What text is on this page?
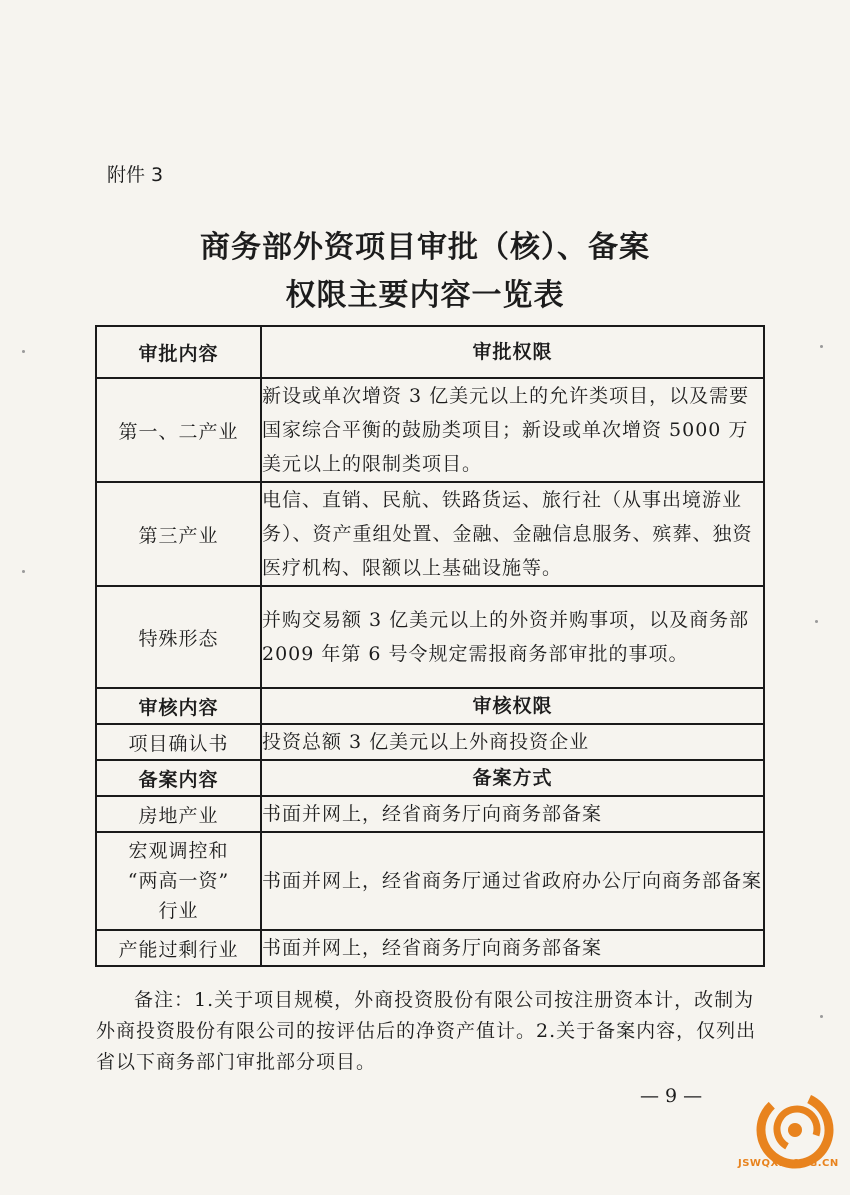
附件 3
商务部外资项目审批（核）、备案
权限主要内容一览表
审批内容	审批权限
第一、二产业	新设或单次增资 3 亿美元以上的允许类项目，以及需要国家综合平衡的鼓励类项目；新设或单次增资 5000 万美元以上的限制类项目。
第三产业	电信、直销、民航、铁路货运、旅行社（从事出境游业务）、资产重组处置、金融、金融信息服务、殡葬、独资医疗机构、限额以上基础设施等。
特殊形态	并购交易额 3 亿美元以上的外资并购事项，以及商务部 2009 年第 6 号令规定需报商务部审批的事项。
审核内容	审核权限
项目确认书	投资总额 3 亿美元以上外商投资企业
备案内容	备案方式
房地产业	书面并网上，经省商务厅向商务部备案

宏观调控和
“两高一资”
行业	书面并网上，经省商务厅通过省政府办公厅向商务部备案
产能过剩行业	书面并网上，经省商务厅向商务部备案
备注：1.关于项目规模，外商投资股份有限公司按注册资本计，改制为外商投资股份有限公司的按评估后的净资产值计。2.关于备案内容，仅列出省以下商务部门审批部分项目。
— 9 —
JSWQXH.ORG.CN
